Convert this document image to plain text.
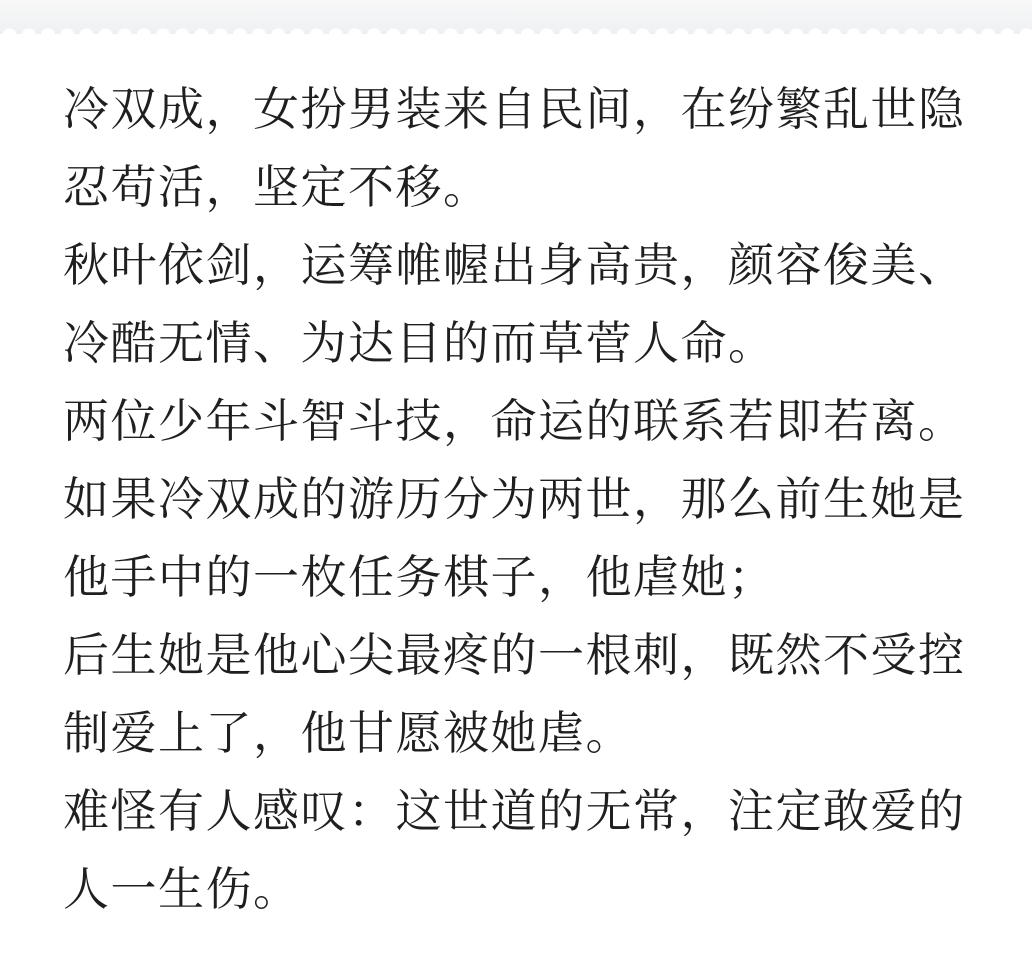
冷双成，女扮男装来自民间，在纷繁乱世隐忍苟活，坚定不移。

秋叶依剑，运筹帷幄出身高贵，颜容俊美、冷酷无情、为达目的而草菅人命。

两位少年斗智斗技，命运的联系若即若离。

如果冷双成的游历分为两世，那么前生她是他手中的一枚任务棋子，他虐她；

后生她是他心尖最疼的一根刺，既然不受控制爱上了，他甘愿被她虐。

难怪有人感叹：这世道的无常，注定敢爱的人一生伤。
